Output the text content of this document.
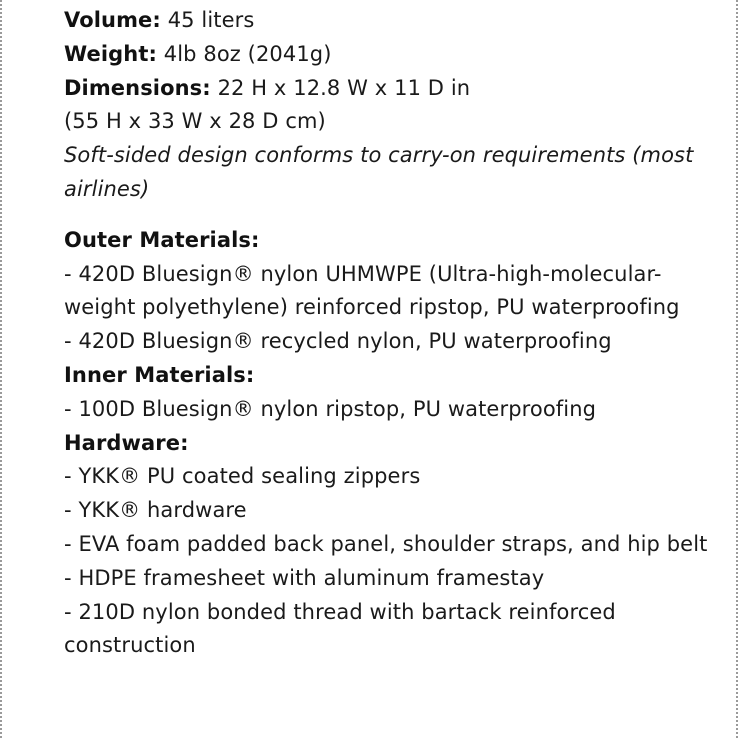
Volume: 45 liters
Weight: 4lb 8oz (2041g)
Dimensions: 22 H x 12.8 W x 11 D in
(55 H x 33 W x 28 D cm)
Soft-sided design conforms to carry-on requirements (most airlines)
Outer Materials:
- 420D Bluesign® nylon UHMWPE (Ultra-high-molecular-weight polyethylene) reinforced ripstop, PU waterproofing
- 420D Bluesign® recycled nylon, PU waterproofing
Inner Materials:
- 100D Bluesign® nylon ripstop, PU waterproofing
Hardware:
- YKK® PU coated sealing zippers
- YKK® hardware
- EVA foam padded back panel, shoulder straps, and hip belt
- HDPE framesheet with aluminum framestay
- 210D nylon bonded thread with bartack reinforced construction
